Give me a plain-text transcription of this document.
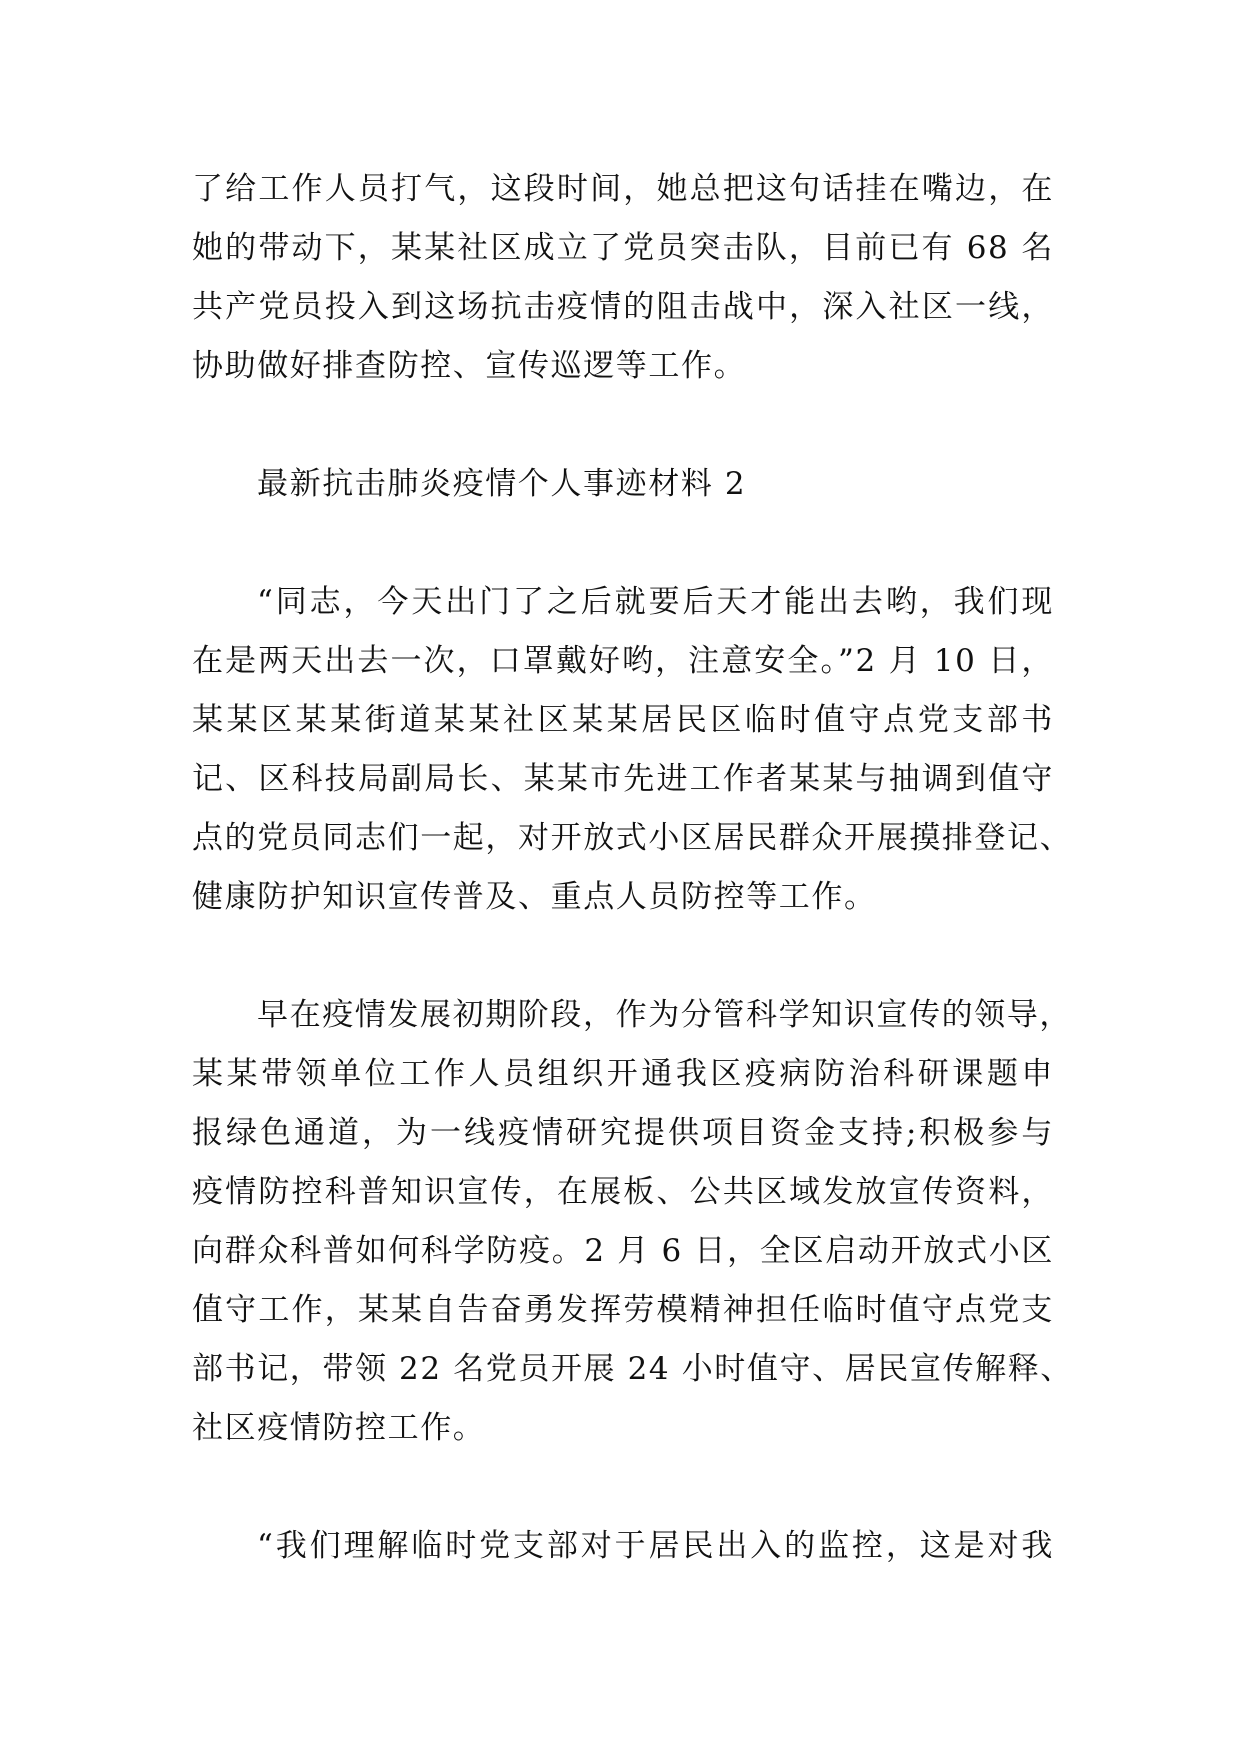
了给工作人员打气，这段时间，她总把这句话挂在嘴边，在
她的带动下，某某社区成立了党员突击队，目前已有 68 名
共产党员投入到这场抗击疫情的阻击战中，深入社区一线，
协助做好排查防控、宣传巡逻等工作。

最新抗击肺炎疫情个人事迹材料 2

“同志，今天出门了之后就要后天才能出去哟，我们现
在是两天出去一次，口罩戴好哟，注意安全。”2 月 10 日，
某某区某某街道某某社区某某居民区临时值守点党支部书
记、区科技局副局长、某某市先进工作者某某与抽调到值守
点的党员同志们一起，对开放式小区居民群众开展摸排登记、
健康防护知识宣传普及、重点人员防控等工作。

早在疫情发展初期阶段，作为分管科学知识宣传的领导，
某某带领单位工作人员组织开通我区疫病防治科研课题申
报绿色通道，为一线疫情研究提供项目资金支持;积极参与
疫情防控科普知识宣传，在展板、公共区域发放宣传资料，
向群众科普如何科学防疫。2 月 6 日，全区启动开放式小区
值守工作，某某自告奋勇发挥劳模精神担任临时值守点党支
部书记，带领 22 名党员开展 24 小时值守、居民宣传解释、
社区疫情防控工作。

“我们理解临时党支部对于居民出入的监控，这是对我
